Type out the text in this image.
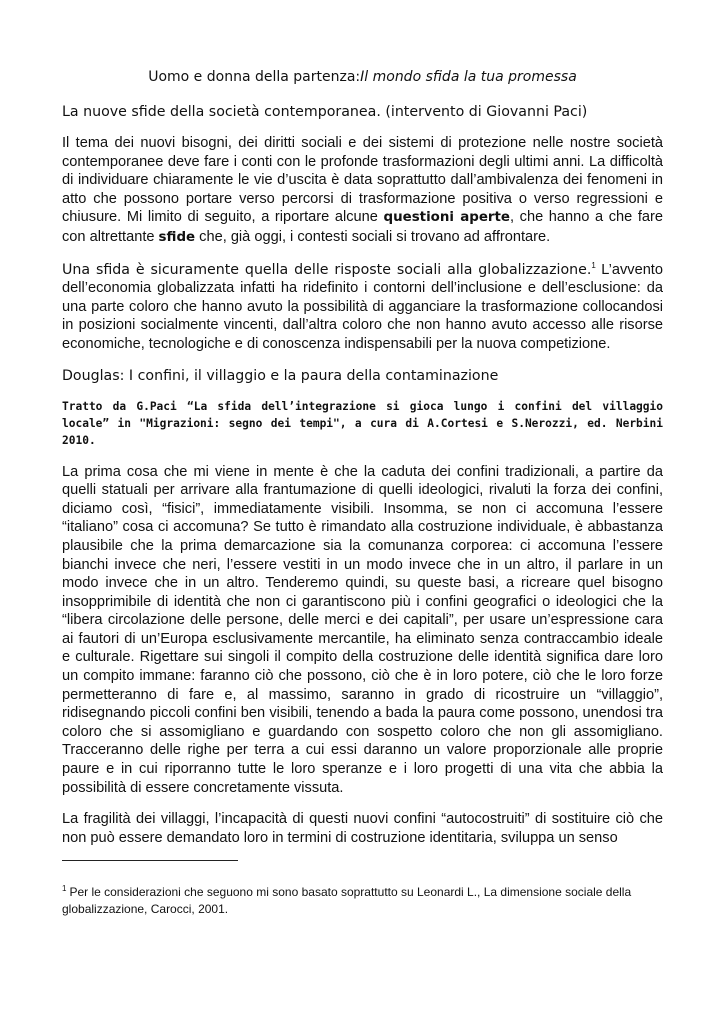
Uomo e donna della partenza:Il mondo sfida la tua promessa

La nuove sfide della società contemporanea. (intervento di Giovanni Paci)

Il tema dei nuovi bisogni, dei diritti sociali e dei sistemi di protezione nelle nostre società contemporanee deve fare i conti con le profonde trasformazioni degli ultimi anni. La difficoltà di individuare chiaramente le vie d’uscita è data soprattutto dall’ambivalenza dei fenomeni in atto che possono portare verso percorsi di trasformazione positiva o verso regressioni e chiusure. Mi limito di seguito, a riportare alcune questioni aperte, che hanno a che fare con altrettante sfide che, già oggi, i contesti sociali si trovano ad affrontare.

Una sfida è sicuramente quella delle risposte sociali alla globalizzazione.$^1$ L’avvento dell’economia globalizzata infatti ha ridefinito i contorni dell’inclusione e dell’esclusione: da una parte coloro che hanno avuto la possibilità di agganciare la trasformazione collocandosi in posizioni socialmente vincenti, dall’altra coloro che non hanno avuto accesso alle risorse economiche, tecnologiche e di conoscenza indispensabili per la nuova competizione.

Douglas: I confini, il villaggio e la paura della contaminazione

Tratto da G.Paci “La sfida dell’integrazione si gioca lungo i confini del villaggio locale” in "Migrazioni: segno dei tempi", a cura di A.Cortesi e S.Nerozzi, ed. Nerbini 2010.

La prima cosa che mi viene in mente è che la caduta dei confini tradizionali, a partire da quelli statuali per arrivare alla frantumazione di quelli ideologici, rivaluti la forza dei confini, diciamo così, “fisici”, immediatamente visibili. Insomma, se non ci accomuna l’essere “italiano” cosa ci accomuna? Se tutto è rimandato alla costruzione individuale, è abbastanza plausibile che la prima demarcazione sia la comunanza corporea: ci accomuna l’essere bianchi invece che neri, l’essere vestiti in un modo invece che in un altro, il parlare in un modo invece che in un altro. Tenderemo quindi, su queste basi, a ricreare quel bisogno insopprimibile di identità che non ci garantiscono più i confini geografici o ideologici che la “libera circolazione delle persone, delle merci e dei capitali”, per usare un’espressione cara ai fautori di un’Europa esclusivamente mercantile, ha eliminato senza contraccambio ideale e culturale. Rigettare sui singoli il compito della costruzione delle identità significa dare loro un compito immane: faranno ciò che possono, ciò che è in loro potere, ciò che le loro forze permetteranno di fare e, al massimo, saranno in grado di ricostruire un “villaggio”, ridisegnando piccoli confini ben visibili, tenendo a bada la paura come possono, unendosi tra coloro che si assomigliano e guardando con sospetto coloro che non gli assomigliano. Tracceranno delle righe per terra a cui essi daranno un valore proporzionale alle proprie paure e in cui riporranno tutte le loro speranze e i loro progetti di una vita che abbia la possibilità di essere concretamente vissuta.

La fragilità dei villaggi, l’incapacità di questi nuovi confini “autocostruiti” di sostituire ciò che non può essere demandato loro in termini di costruzione identitaria, sviluppa un senso

$^1$ Per le considerazioni che seguono mi sono basato soprattutto su Leonardi L., La dimensione sociale della globalizzazione, Carocci, 2001.
